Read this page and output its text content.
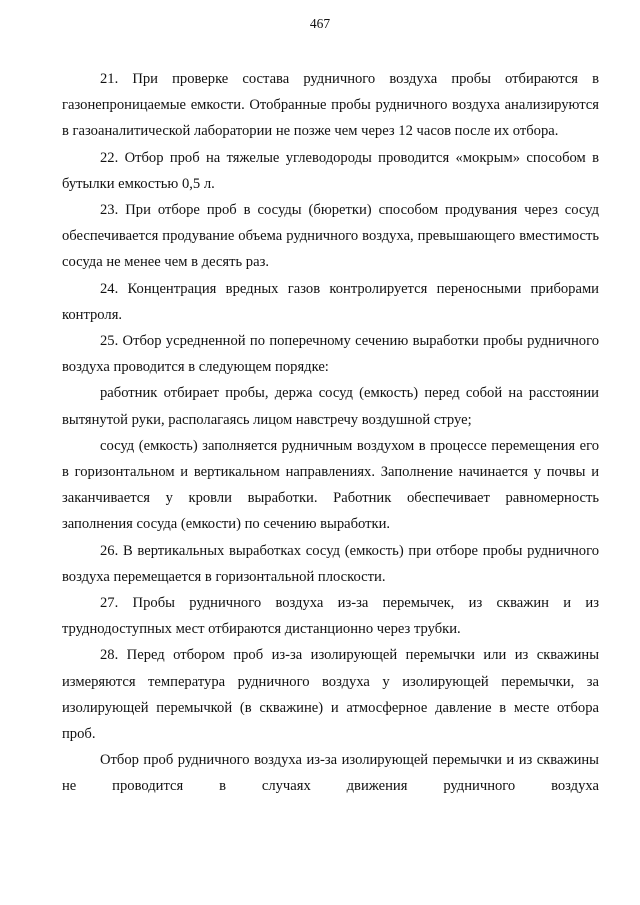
467

21. При проверке состава рудничного воздуха пробы отбираются в газонепроницаемые емкости. Отобранные пробы рудничного воздуха анализируются в газоаналитической лаборатории не позже чем через 12 часов после их отбора.

22. Отбор проб на тяжелые углеводороды проводится «мокрым» способом в бутылки емкостью 0,5 л.

23. При отборе проб в сосуды (бюретки) способом продувания через сосуд обеспечивается продувание объема рудничного воздуха, превышающего вместимость сосуда не менее чем в десять раз.

24. Концентрация вредных газов контролируется переносными приборами контроля.

25. Отбор усредненной по поперечному сечению выработки пробы рудничного воздуха проводится в следующем порядке:

работник отбирает пробы, держа сосуд (емкость) перед собой на расстоянии вытянутой руки, располагаясь лицом навстречу воздушной струе;

сосуд (емкость) заполняется рудничным воздухом в процессе перемещения его в горизонтальном и вертикальном направлениях. Заполнение начинается у почвы и заканчивается у кровли выработки. Работник обеспечивает равномерность заполнения сосуда (емкости) по сечению выработки.

26. В вертикальных выработках сосуд (емкость) при отборе пробы рудничного воздуха перемещается в горизонтальной плоскости.

27. Пробы рудничного воздуха из-за перемычек, из скважин и из труднодоступных мест отбираются дистанционно через трубки.

28. Перед отбором проб из-за изолирующей перемычки или из скважины измеряются температура рудничного воздуха у изолирующей перемычки, за изолирующей перемычкой (в скважине) и атмосферное давление в месте отбора проб.

Отбор проб рудничного воздуха из-за изолирующей перемычки и из скважины не проводится в случаях движения рудничного воздуха
